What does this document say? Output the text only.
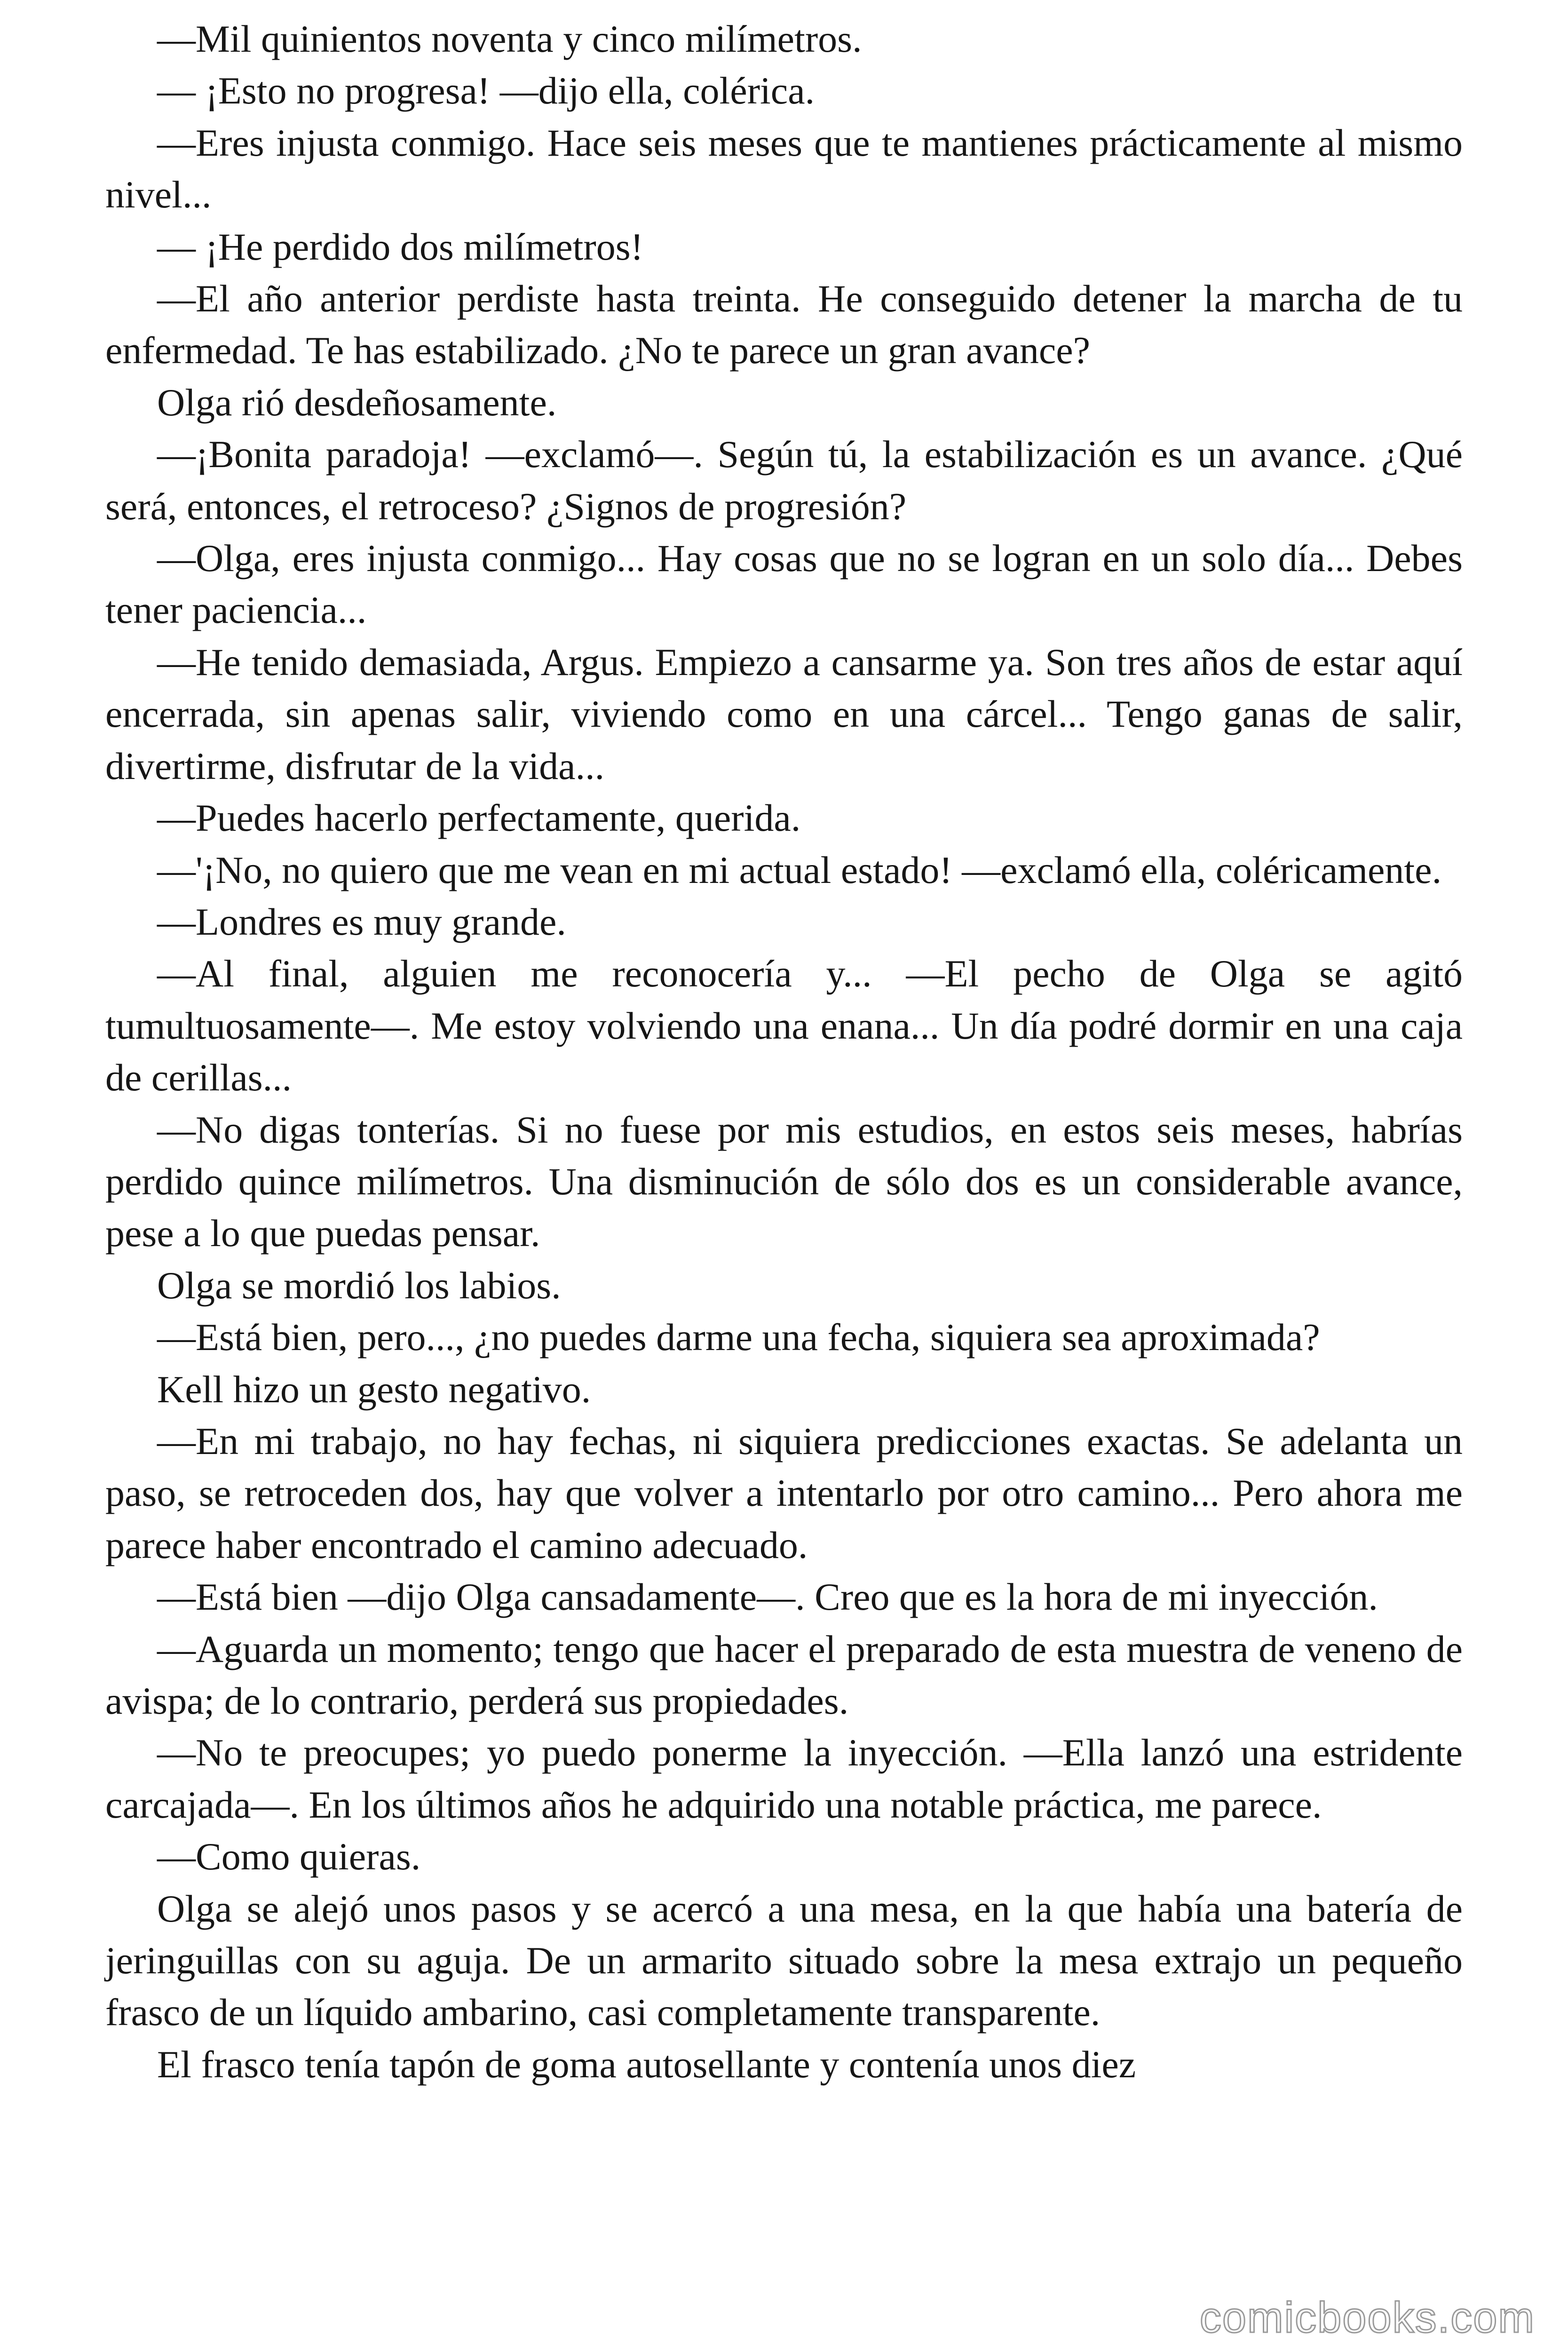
—Mil quinientos noventa y cinco milímetros.

— ¡Esto no progresa! —dijo ella, colérica.

—Eres injusta conmigo. Hace seis meses que te mantienes prácticamente al mismo nivel...

— ¡He perdido dos milímetros!

—El año anterior perdiste hasta treinta. He conseguido detener la marcha de tu enfermedad. Te has estabilizado. ¿No te parece un gran avance?

Olga rió desdeñosamente.

—¡Bonita paradoja! —exclamó—. Según tú, la estabilización es un avance. ¿Qué será, entonces, el retroceso? ¿Signos de progresión?

—Olga, eres injusta conmigo... Hay cosas que no se logran en un solo día... Debes tener paciencia...

—He tenido demasiada, Argus. Empiezo a cansarme ya. Son tres años de estar aquí encerrada, sin apenas salir, viviendo como en una cárcel... Tengo ganas de salir, divertirme, disfrutar de la vida...

—Puedes hacerlo perfectamente, querida.

—'¡No, no quiero que me vean en mi actual estado! —exclamó ella, coléricamente.

—Londres es muy grande.

—Al final, alguien me reconocería y... —El pecho de Olga se agitó tumultuosamente—. Me estoy volviendo una enana... Un día podré dormir en una caja de cerillas...

—No digas tonterías. Si no fuese por mis estudios, en estos seis meses, habrías perdido quince milímetros. Una disminución de sólo dos es un considerable avance, pese a lo que puedas pensar.

Olga se mordió los labios.

—Está bien, pero..., ¿no puedes darme una fecha, siquiera sea aproximada?

Kell hizo un gesto negativo.

—En mi trabajo, no hay fechas, ni siquiera predicciones exactas. Se adelanta un paso, se retroceden dos, hay que volver a intentarlo por otro camino... Pero ahora me parece haber encontrado el camino adecuado.

—Está bien —dijo Olga cansadamente—. Creo que es la hora de mi inyección.

—Aguarda un momento; tengo que hacer el preparado de esta muestra de veneno de avispa; de lo contrario, perderá sus propiedades.

—No te preocupes; yo puedo ponerme la inyección. —Ella lanzó una estridente carcajada—. En los últimos años he adquirido una notable práctica, me parece.

—Como quieras.

Olga se alejó unos pasos y se acercó a una mesa, en la que había una batería de jeringuillas con su aguja. De un armarito situado sobre la mesa extrajo un pequeño frasco de un líquido ambarino, casi completamente transparente.

El frasco tenía tapón de goma autosellante y contenía unos diez

comicbooks.com
